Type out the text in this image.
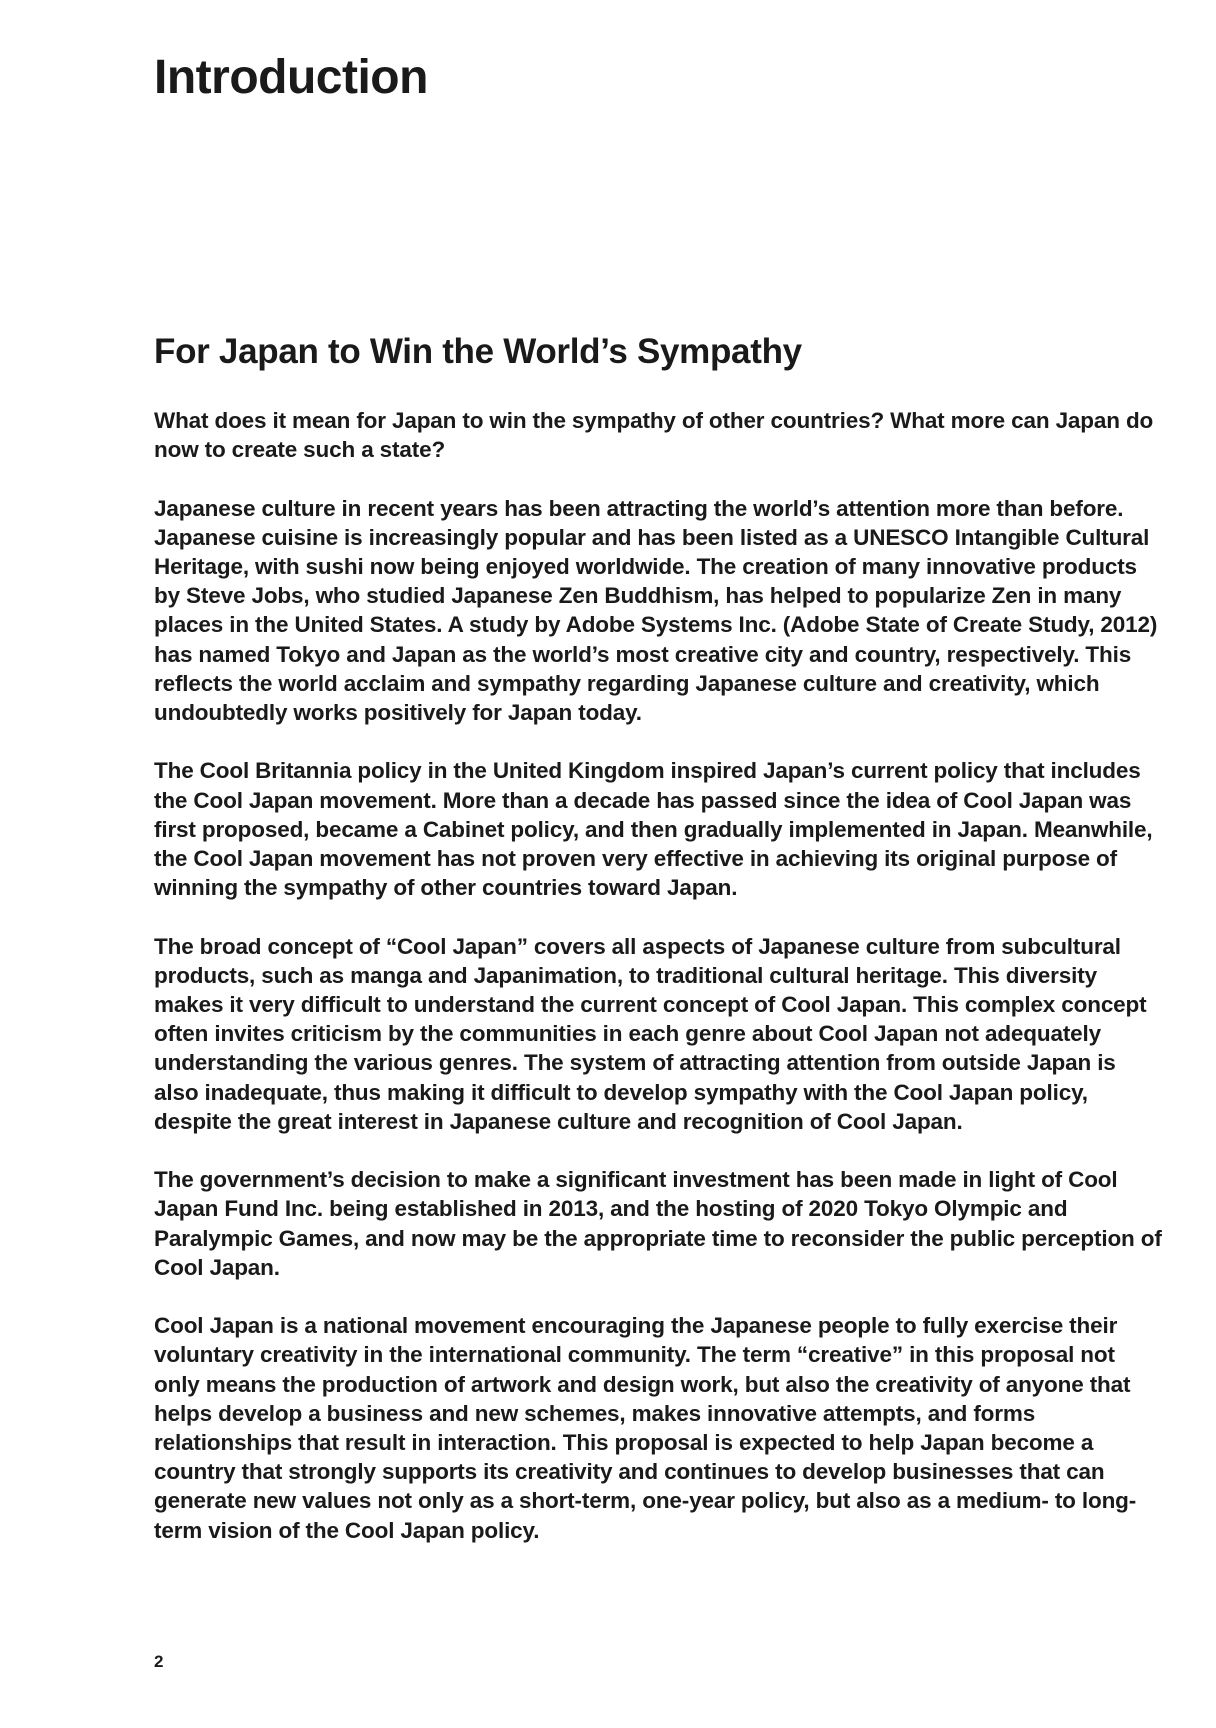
Introduction
For Japan to Win the World’s Sympathy

What does it mean for Japan to win the sympathy of other countries? What more can Japan do now to create such a state?

Japanese culture in recent years has been attracting the world’s attention more than before. Japanese cuisine is increasingly popular and has been listed as a UNESCO Intangible Cultural Heritage, with sushi now being enjoyed worldwide. The creation of many innovative products by Steve Jobs, who studied Japanese Zen Buddhism, has helped to popularize Zen in many places in the United States. A study by Adobe Systems Inc. (Adobe State of Create Study, 2012) has named Tokyo and Japan as the world’s most creative city and country, respectively. This reflects the world acclaim and sympathy regarding Japanese culture and creativity, which undoubtedly works positively for Japan today.

The Cool Britannia policy in the United Kingdom inspired Japan’s current policy that includes the Cool Japan movement. More than a decade has passed since the idea of Cool Japan was first proposed, became a Cabinet policy, and then gradually implemented in Japan. Meanwhile, the Cool Japan movement has not proven very effective in achieving its original purpose of winning the sympathy of other countries toward Japan.

The broad concept of “Cool Japan” covers all aspects of Japanese culture from subcultural products, such as manga and Japanimation, to traditional cultural heritage. This diversity makes it very difficult to understand the current concept of Cool Japan. This complex concept often invites criticism by the communities in each genre about Cool Japan not adequately understanding the various genres. The system of attracting attention from outside Japan is also inadequate, thus making it difficult to develop sympathy with the Cool Japan policy, despite the great interest in Japanese culture and recognition of Cool Japan.

The government’s decision to make a significant investment has been made in light of Cool Japan Fund Inc. being established in 2013, and the hosting of 2020 Tokyo Olympic and Paralympic Games, and now may be the appropriate time to reconsider the public perception of Cool Japan.

Cool Japan is a national movement encouraging the Japanese people to fully exercise their voluntary creativity in the international community. The term “creative” in this proposal not only means the production of artwork and design work, but also the creativity of anyone that helps develop a business and new schemes, makes innovative attempts, and forms relationships that result in interaction. This proposal is expected to help Japan become a country that strongly supports its creativity and continues to develop businesses that can generate new values not only as a short-term, one-year policy, but also as a medium- to long-term vision of the Cool Japan policy.

2
